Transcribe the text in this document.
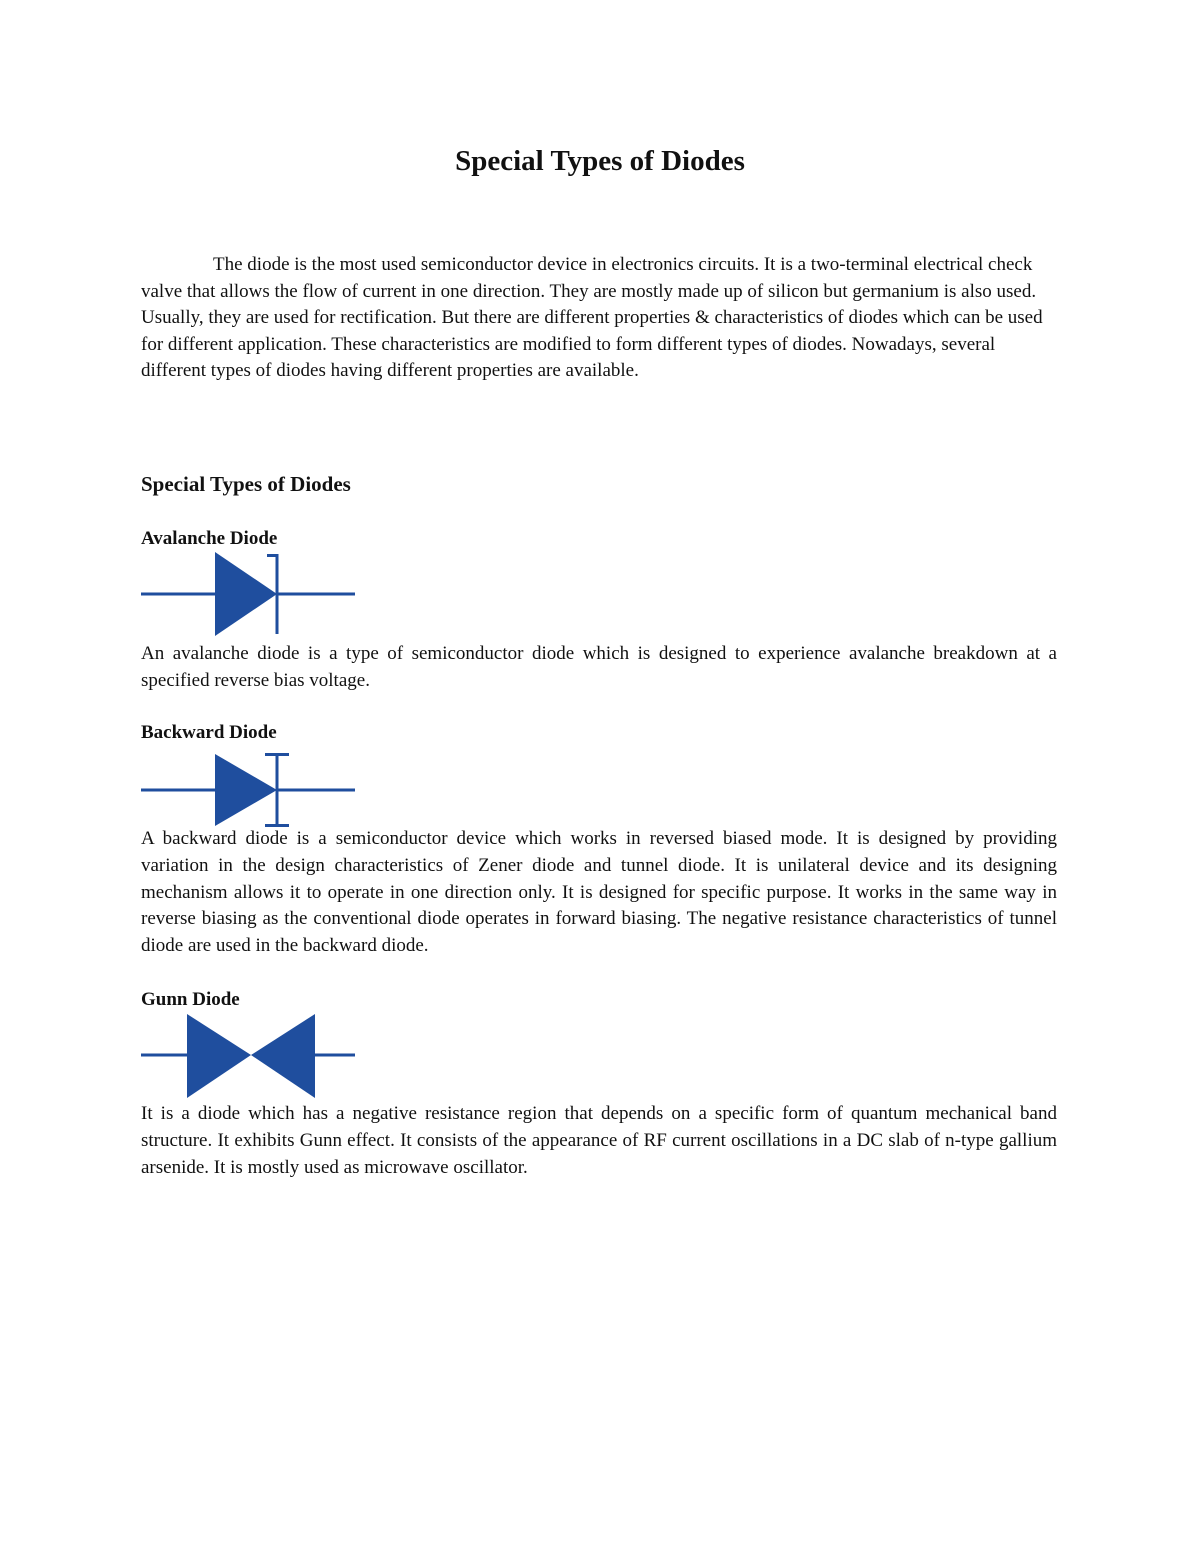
Special Types of Diodes

The diode is the most used semiconductor device in electronics circuits. It is a two-terminal electrical check valve that allows the flow of current in one direction. They are mostly made up of silicon but germanium is also used. Usually, they are used for rectification. But there are different properties & characteristics of diodes which can be used for different application. These characteristics are modified to form different types of diodes. Nowadays, several different types of diodes having different properties are available.

Special Types of Diodes
Avalanche Diode

An avalanche diode is a type of semiconductor diode which is designed to experience avalanche breakdown at a specified reverse bias voltage.

Backward Diode

A backward diode is a semiconductor device which works in reversed biased mode. It is designed by providing variation in the design characteristics of Zener diode and tunnel diode. It is unilateral device and its designing mechanism allows it to operate in one direction only. It is designed for specific purpose. It works in the same way in reverse biasing as the conventional diode operates in forward biasing. The negative resistance characteristics of tunnel diode are used in the backward diode.

Gunn Diode

It is a diode which has a negative resistance region that depends on a specific form of quantum mechanical band structure. It exhibits Gunn effect. It consists of the appearance of RF current oscillations in a DC slab of n-type gallium arsenide. It is mostly used as microwave oscillator.
